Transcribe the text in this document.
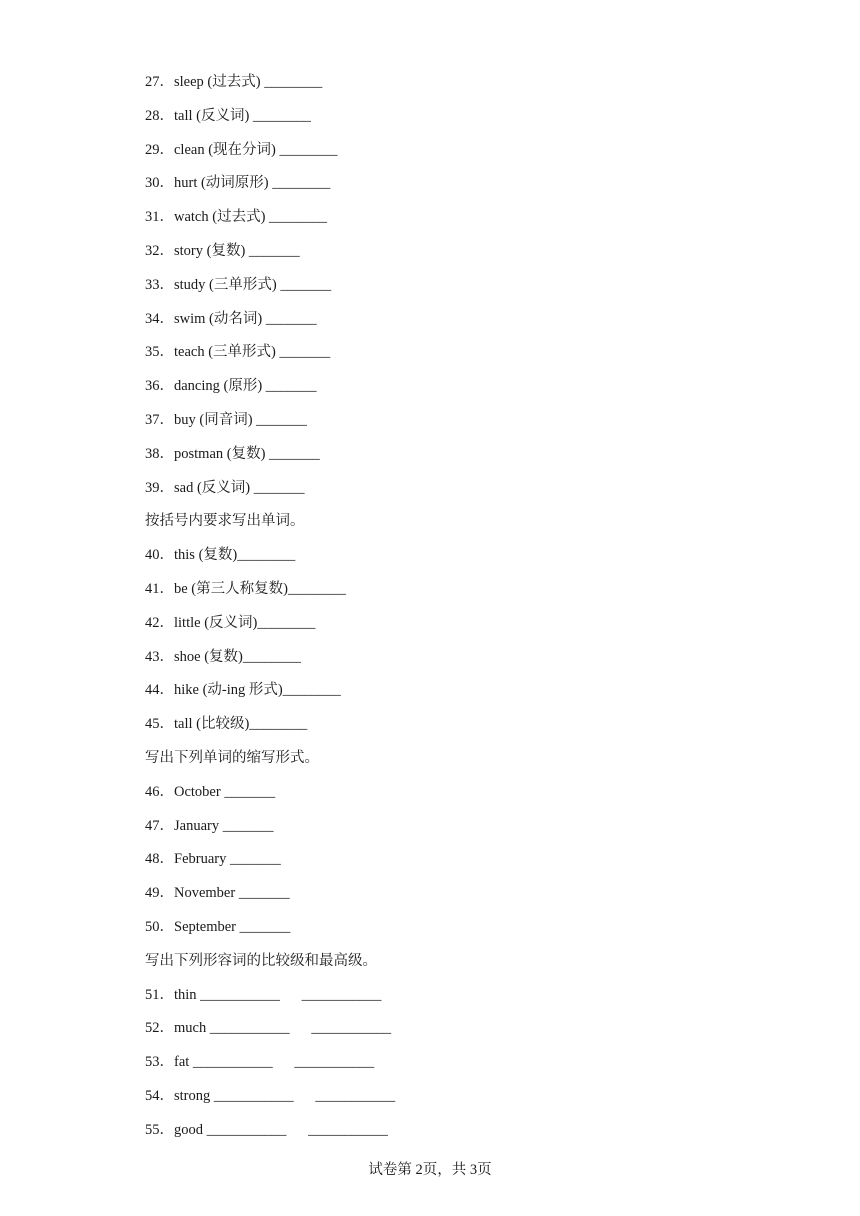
27．sleep (过去式) ________
28．tall (反义词) ________
29．clean (现在分词) ________
30．hurt (动词原形) ________
31．watch (过去式) ________
32．story (复数) _______
33．study (三单形式) _______
34．swim (动名词) _______
35．teach (三单形式) _______
36．dancing (原形) _______
37．buy (同音词) _______
38．postman (复数) _______
39．sad (反义词) _______
按括号内要求写出单词。
40．this (复数)________
41．be (第三人称复数)________
42．little (反义词)________
43．shoe (复数)________
44．hike (动-ing 形式)________
45．tall (比较级)________
写出下列单词的缩写形式。
46．October _______
47．January _______
48．February _______
49．November _______
50．September _______
写出下列形容词的比较级和最高级。
51．thin ___________      ___________
52．much ___________      ___________
53．fat ___________      ___________
54．strong ___________      ___________
55．good ___________      ___________
试卷第 2页，共 3页
